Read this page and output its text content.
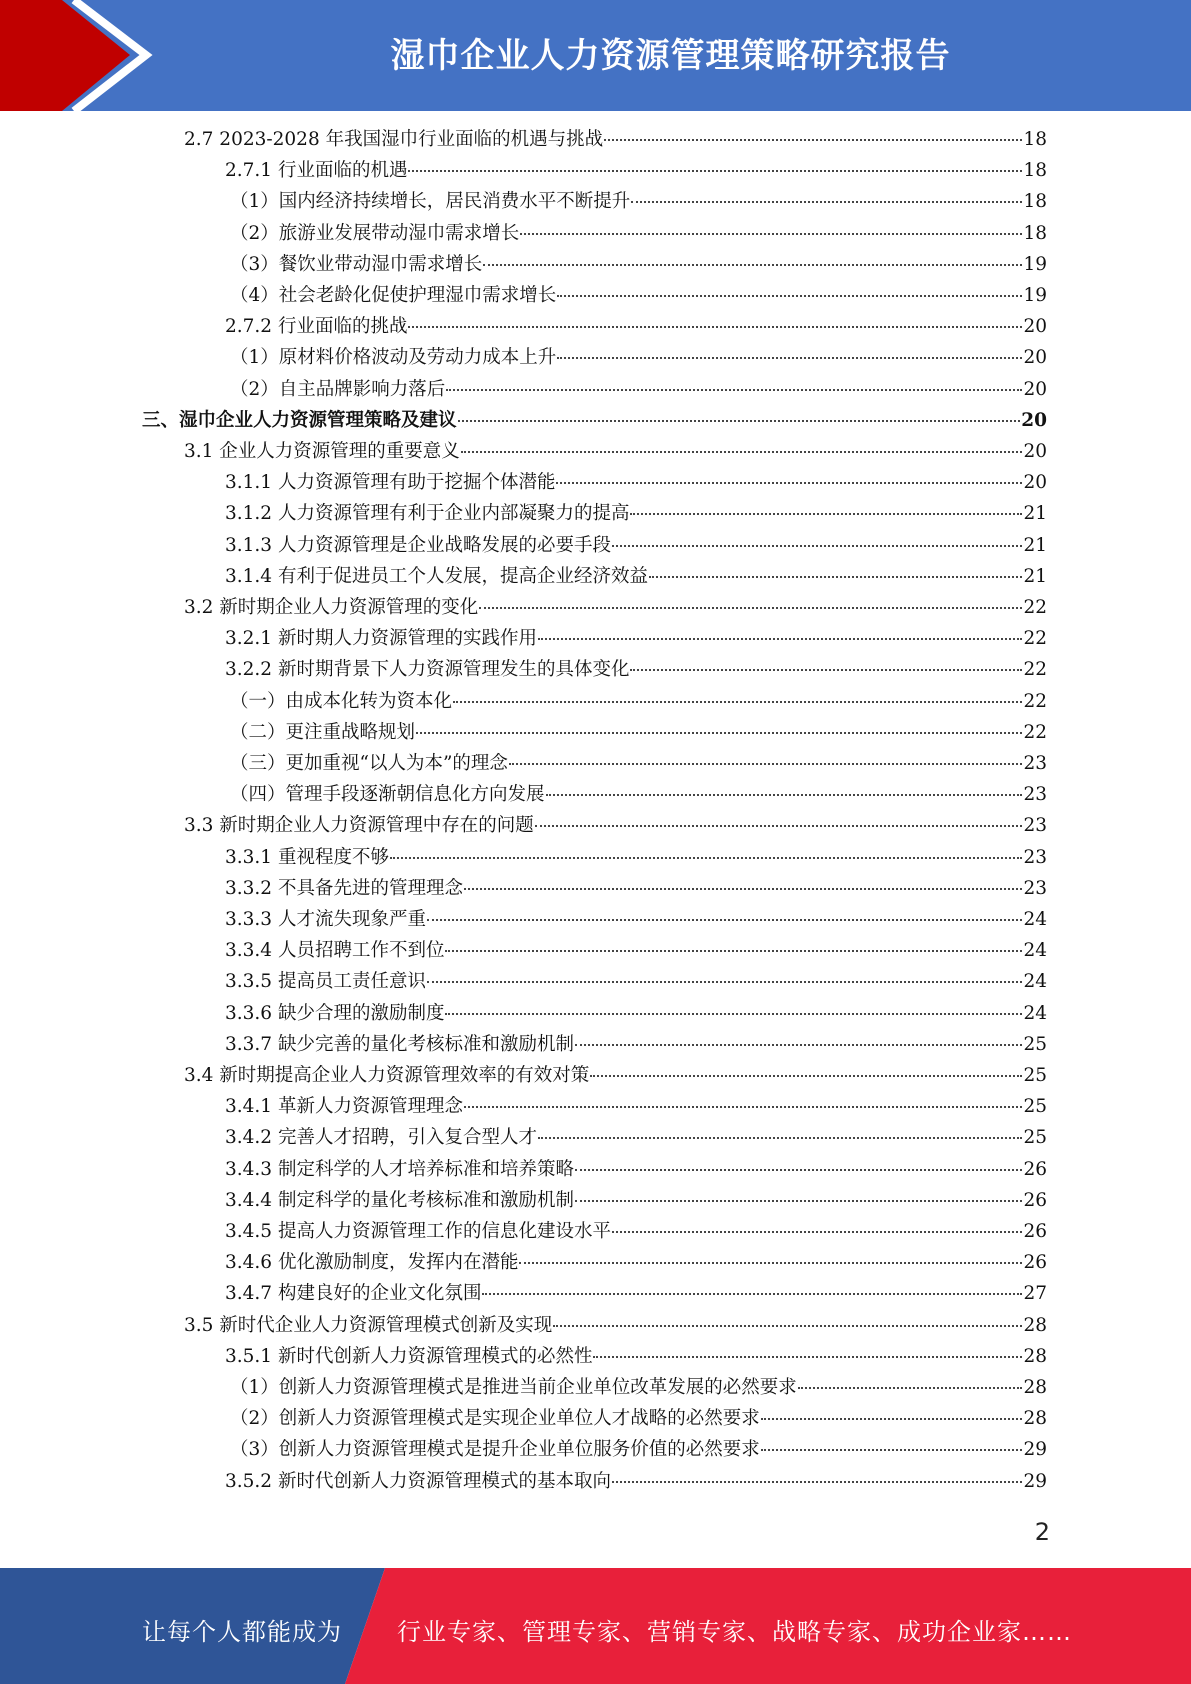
湿巾企业人力资源管理策略研究报告
2.7 2023-2028 年我国湿巾行业面临的机遇与挑战	18
2.7.1 行业面临的机遇	18
（1）国内经济持续增长，居民消费水平不断提升	18
（2）旅游业发展带动湿巾需求增长	18
（3）餐饮业带动湿巾需求增长	19
（4）社会老龄化促使护理湿巾需求增长	19
2.7.2 行业面临的挑战	20
（1）原材料价格波动及劳动力成本上升	20
（2）自主品牌影响力落后	20
三、湿巾企业人力资源管理策略及建议	20
3.1 企业人力资源管理的重要意义	20
3.1.1 人力资源管理有助于挖掘个体潜能	20
3.1.2 人力资源管理有利于企业内部凝聚力的提高	21
3.1.3 人力资源管理是企业战略发展的必要手段	21
3.1.4 有利于促进员工个人发展，提高企业经济效益	21
3.2 新时期企业人力资源管理的变化	22
3.2.1 新时期人力资源管理的实践作用	22
3.2.2 新时期背景下人力资源管理发生的具体变化	22
（一）由成本化转为资本化	22
（二）更注重战略规划	22
（三）更加重视“以人为本”的理念	23
（四）管理手段逐渐朝信息化方向发展	23
3.3 新时期企业人力资源管理中存在的问题	23
3.3.1 重视程度不够	23
3.3.2 不具备先进的管理理念	23
3.3.3 人才流失现象严重	24
3.3.4 人员招聘工作不到位	24
3.3.5 提高员工责任意识	24
3.3.6 缺少合理的激励制度	24
3.3.7 缺少完善的量化考核标准和激励机制	25
3.4 新时期提高企业人力资源管理效率的有效对策	25
3.4.1 革新人力资源管理理念	25
3.4.2 完善人才招聘，引入复合型人才	25
3.4.3 制定科学的人才培养标准和培养策略	26
3.4.4 制定科学的量化考核标准和激励机制	26
3.4.5 提高人力资源管理工作的信息化建设水平	26
3.4.6 优化激励制度，发挥内在潜能	26
3.4.7 构建良好的企业文化氛围	27
3.5 新时代企业人力资源管理模式创新及实现	28
3.5.1 新时代创新人力资源管理模式的必然性	28
（1）创新人力资源管理模式是推进当前企业单位改革发展的必然要求	28
（2）创新人力资源管理模式是实现企业单位人才战略的必然要求	28
（3）创新人力资源管理模式是提升企业单位服务价值的必然要求	29
3.5.2 新时代创新人力资源管理模式的基本取向	29
2
让每个人都能成为 行业专家、管理专家、营销专家、战略专家、成功企业家……
